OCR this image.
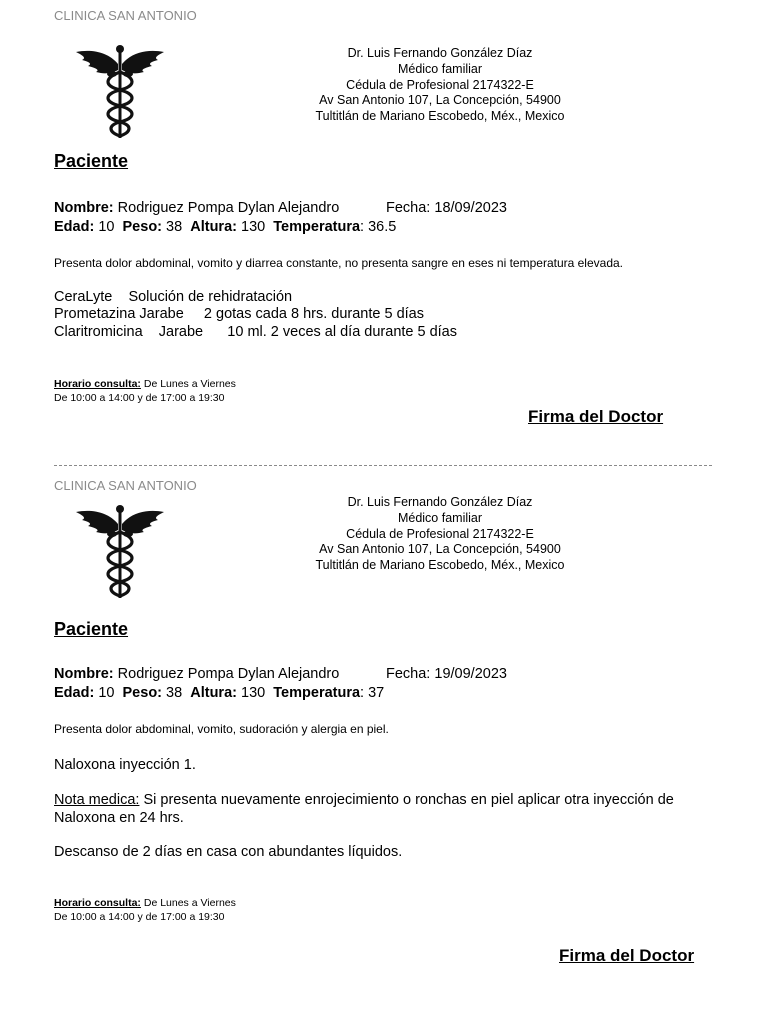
CLINICA SAN ANTONIO
Dr. Luis Fernando González Díaz
Médico familiar
Cédula de Profesional 2174322-E
Av San Antonio 107, La Concepción, 54900
Tultitlán de Mariano Escobedo, Méx., Mexico
Paciente
Nombre: Rodriguez Pompa Dylan Alejandro	Fecha: 18/09/2023
Edad: 10 Peso: 38 Altura: 130 Temperatura: 36.5
Presenta dolor abdominal, vomito y diarrea constante, no presenta sangre en eses ni temperatura elevada.
CeraLyte Solución de rehidratación
Prometazina Jarabe 2 gotas cada 8 hrs. durante 5 días
Claritromicina Jarabe 10 ml. 2 veces al día durante 5 días
Horario consulta: De Lunes a Viernes
De 10:00 a 14:00 y de 17:00 a 19:30
Firma del Doctor
CLINICA SAN ANTONIO
Dr. Luis Fernando González Díaz
Médico familiar
Cédula de Profesional 2174322-E
Av San Antonio 107, La Concepción, 54900
Tultitlán de Mariano Escobedo, Méx., Mexico
Paciente
Nombre: Rodriguez Pompa Dylan Alejandro	Fecha: 19/09/2023
Edad: 10 Peso: 38 Altura: 130 Temperatura: 37
Presenta dolor abdominal, vomito, sudoración y alergia en piel.
Naloxona inyección 1.
Nota medica: Si presenta nuevamente enrojecimiento o ronchas en piel aplicar otra inyección de
Naloxona en 24 hrs.
Descanso de 2 días en casa con abundantes líquidos.
Horario consulta: De Lunes a Viernes
De 10:00 a 14:00 y de 17:00 a 19:30
Firma del Doctor
